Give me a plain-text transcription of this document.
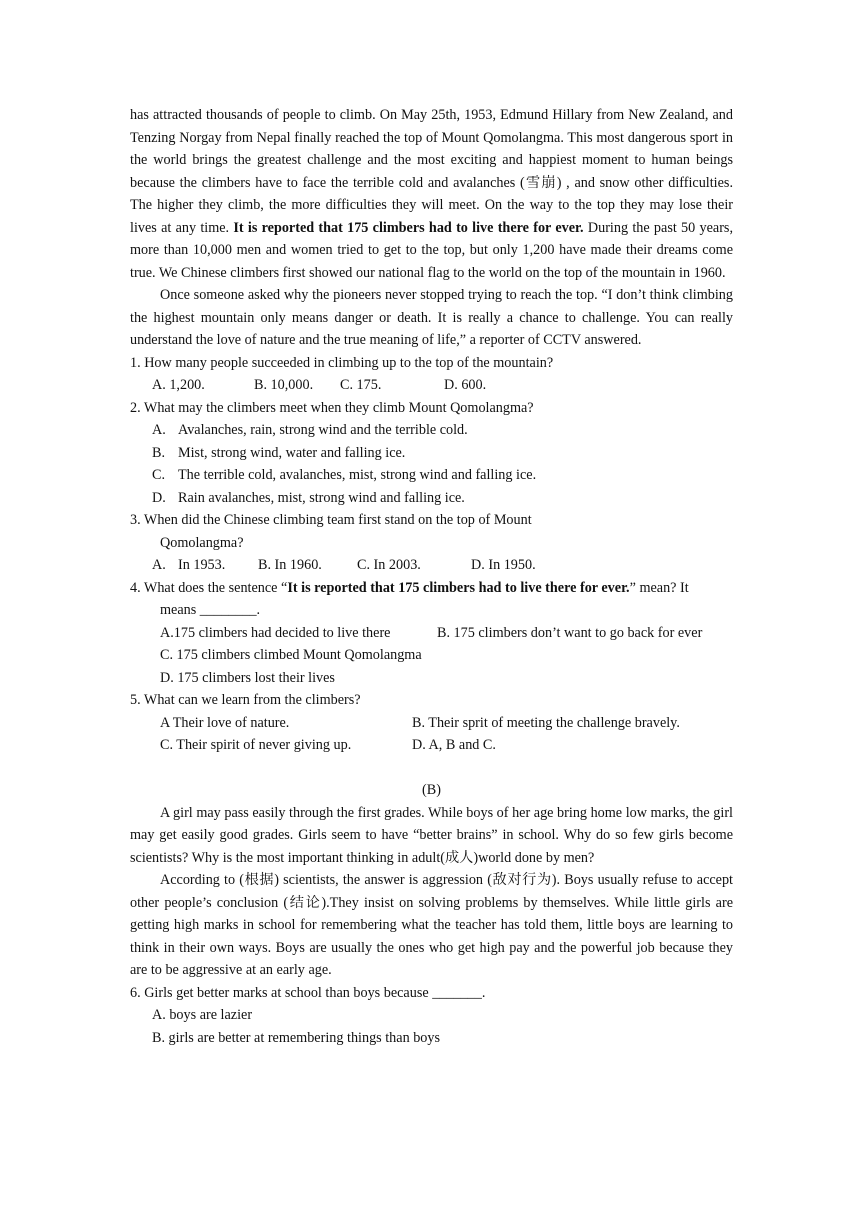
has attracted thousands of people to climb. On May 25th, 1953, Edmund Hillary from New Zealand, and Tenzing Norgay from Nepal finally reached the top of Mount Qomolangma. This most dangerous sport in the world brings the greatest challenge and the most exciting and happiest moment to human beings because the climbers have to face the terrible cold and avalanches (雪崩) , and snow other difficulties. The higher they climb, the more difficulties they will meet. On the way to the top they may lose their lives at any time. It is reported that 175 climbers had to live there for ever. During the past 50 years, more than 10,000 men and women tried to get to the top, but only 1,200 have made their dreams come true. We Chinese climbers first showed our national flag to the world on the top of the mountain in 1960.

Once someone asked why the pioneers never stopped trying to reach the top. “I don’t think climbing the highest mountain only means danger or death. It is really a chance to challenge. You can really understand the love of nature and the true meaning of life,” a reporter of CCTV answered.

1. How many people succeeded in climbing up to the top of the mountain?

A. 1,200.	B. 10,000. C. 175.	D. 600.

2. What may the climbers meet when they climb Mount Qomolangma?

A. Avalanches, rain, strong wind and the terrible cold.

B. Mist, strong wind, water and falling ice.

C. The terrible cold, avalanches, mist, strong wind and falling ice.

D. Rain avalanches, mist, strong wind and falling ice.

3. When did the Chinese climbing team first stand on the top of Mount

Qomolangma?

A. In 1953. B. In 1960. C. In 2003.	D. In 1950.

4. What does the sentence “It is reported that 175 climbers had to live there for ever.” mean? It

means ________.

A.175 climbers had decided to live there	B. 175 climbers don’t want to go back for ever

C. 175 climbers climbed Mount Qomolangma

D. 175 climbers lost their lives

5. What can we learn from the climbers?

A Their love of nature.	B. Their sprit of meeting the challenge bravely.

C. Their spirit of never giving up.	D. A, B and C.

(B)

A girl may pass easily through the first grades. While boys of her age bring home low marks, the girl may get easily good grades. Girls seem to have “better brains” in school. Why do so few girls become scientists? Why is the most important thinking in adult(成人)world done by men?

According to (根据) scientists, the answer is aggression (敌对行为). Boys usually refuse to accept other people’s conclusion (结论).They insist on solving problems by themselves. While little girls are getting high marks in school for remembering what the teacher has told them, little boys are learning to think in their own ways. Boys are usually the ones who get high pay and the powerful job because they are to be aggressive at an early age.

6. Girls get better marks at school than boys because _______.

A. boys are lazier

B. girls are better at remembering things than boys
